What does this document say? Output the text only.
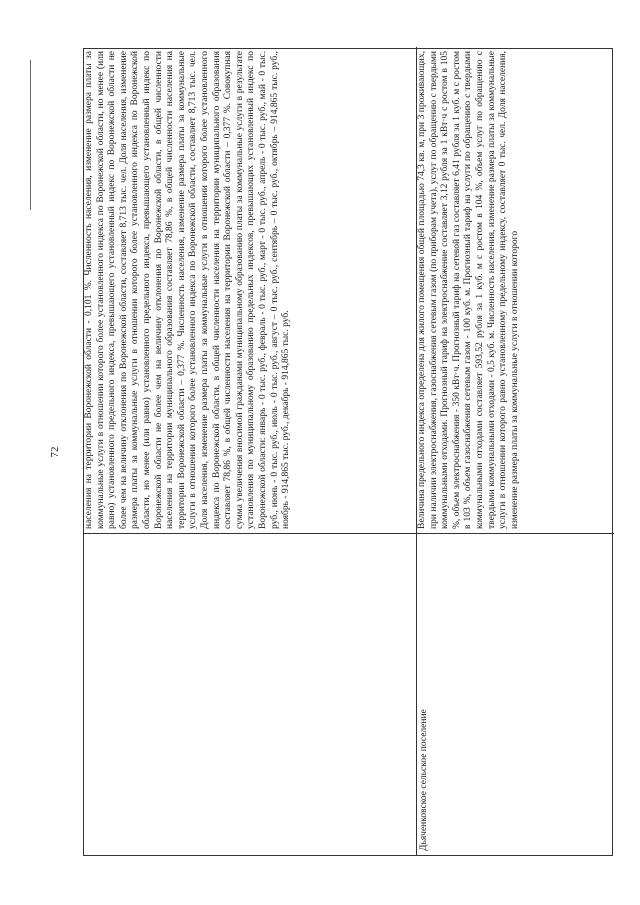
72	населения на территории Воронежской области - 0,101 %. Численность населения, изменение размера платы за коммунальные услуги в отношении которого более установленного индекса по Воронежской области, но менее (или равно) установленного предельного индекса, превышающего установленный индекс по Воронежской области не более чем на величину отклонения по Воронежской области, составляет 8,713 тыс. чел. Доля населения, изменение размера платы за коммунальные услуги в отношении которого более установленного индекса по Воронежской области, но менее (или равно) установленного предельного индекса, превышающего установленный индекс по Воронежской области не более чем на величину отклонения по Воронежской области, в общей численности населения на территории муниципального образования составляет 78,86 %, в общей численности населения на территории Воронежской области – 0,377 %. Численность населения, изменение размера платы за коммунальные услуги в отношении которого более установленного индекса по Воронежской области, составляет 8,713 тыс. чел. Доля населения, изменение размера платы за коммунальные услуги в отношении которого более установленного индекса по Воронежской области, в общей численности населения на территории муниципального образования составляет 78,86 %, в общей численности населения на территории Воронежской области – 0,377 %. Совокупная сумма увеличения вносимой гражданами муниципальному образованию платы за коммунальные услуги в результате установления по муниципальному образованию предельных индексов, превышающих установленный индекс по Воронежской области: январь - 0 тыс. руб., февраль - 0 тыс. руб., март - 0 тыс. руб., апрель - 0 тыс. руб., май - 0 тыс. руб., июнь - 0 тыс. руб., июль - 0 тыс. руб., август – 0 тыс. руб., сентябрь – 0 тыс. руб., октябрь – 914,865 тыс. руб., ноябрь - 914,865 тыс. руб., декабрь - 914,865 тыс. руб.
Дьяченковское сельское поселение
Величина предельного индекса определена для жилого помещения общей площадью 74,3 кв. м, при 3 проживающих, при наличии электроснабжения, газоснабжения сетевым газом (по приборам учета), услуг по обращению с твердыми коммунальными отходами. Прогнозный тариф на электроснабжение составляет 3,12 рубля за 1 кВт·ч с ростом в 105 %, объем электроснабжения - 350 кВт·ч. Прогнозный тариф на сетевой газ составляет 6,41 рубля за 1 куб. м с ростом в 103 %, объем газоснабжения сетевым газом - 100 куб. м. Прогнозный тариф на услуги по обращению с твердыми коммунальными отходами составляет 593,52 рубля за 1 куб. м с ростом в 104 %, объем услуг по обращению с твердыми коммунальными отходами - 0,5 куб. м. Численность населения, изменение размера платы за коммунальные услуги в отношении которого равно установленному предельному индексу, составляет 0 тыс. чел. Доля населения, изменение размера платы за коммунальные услуги в отношении которого
